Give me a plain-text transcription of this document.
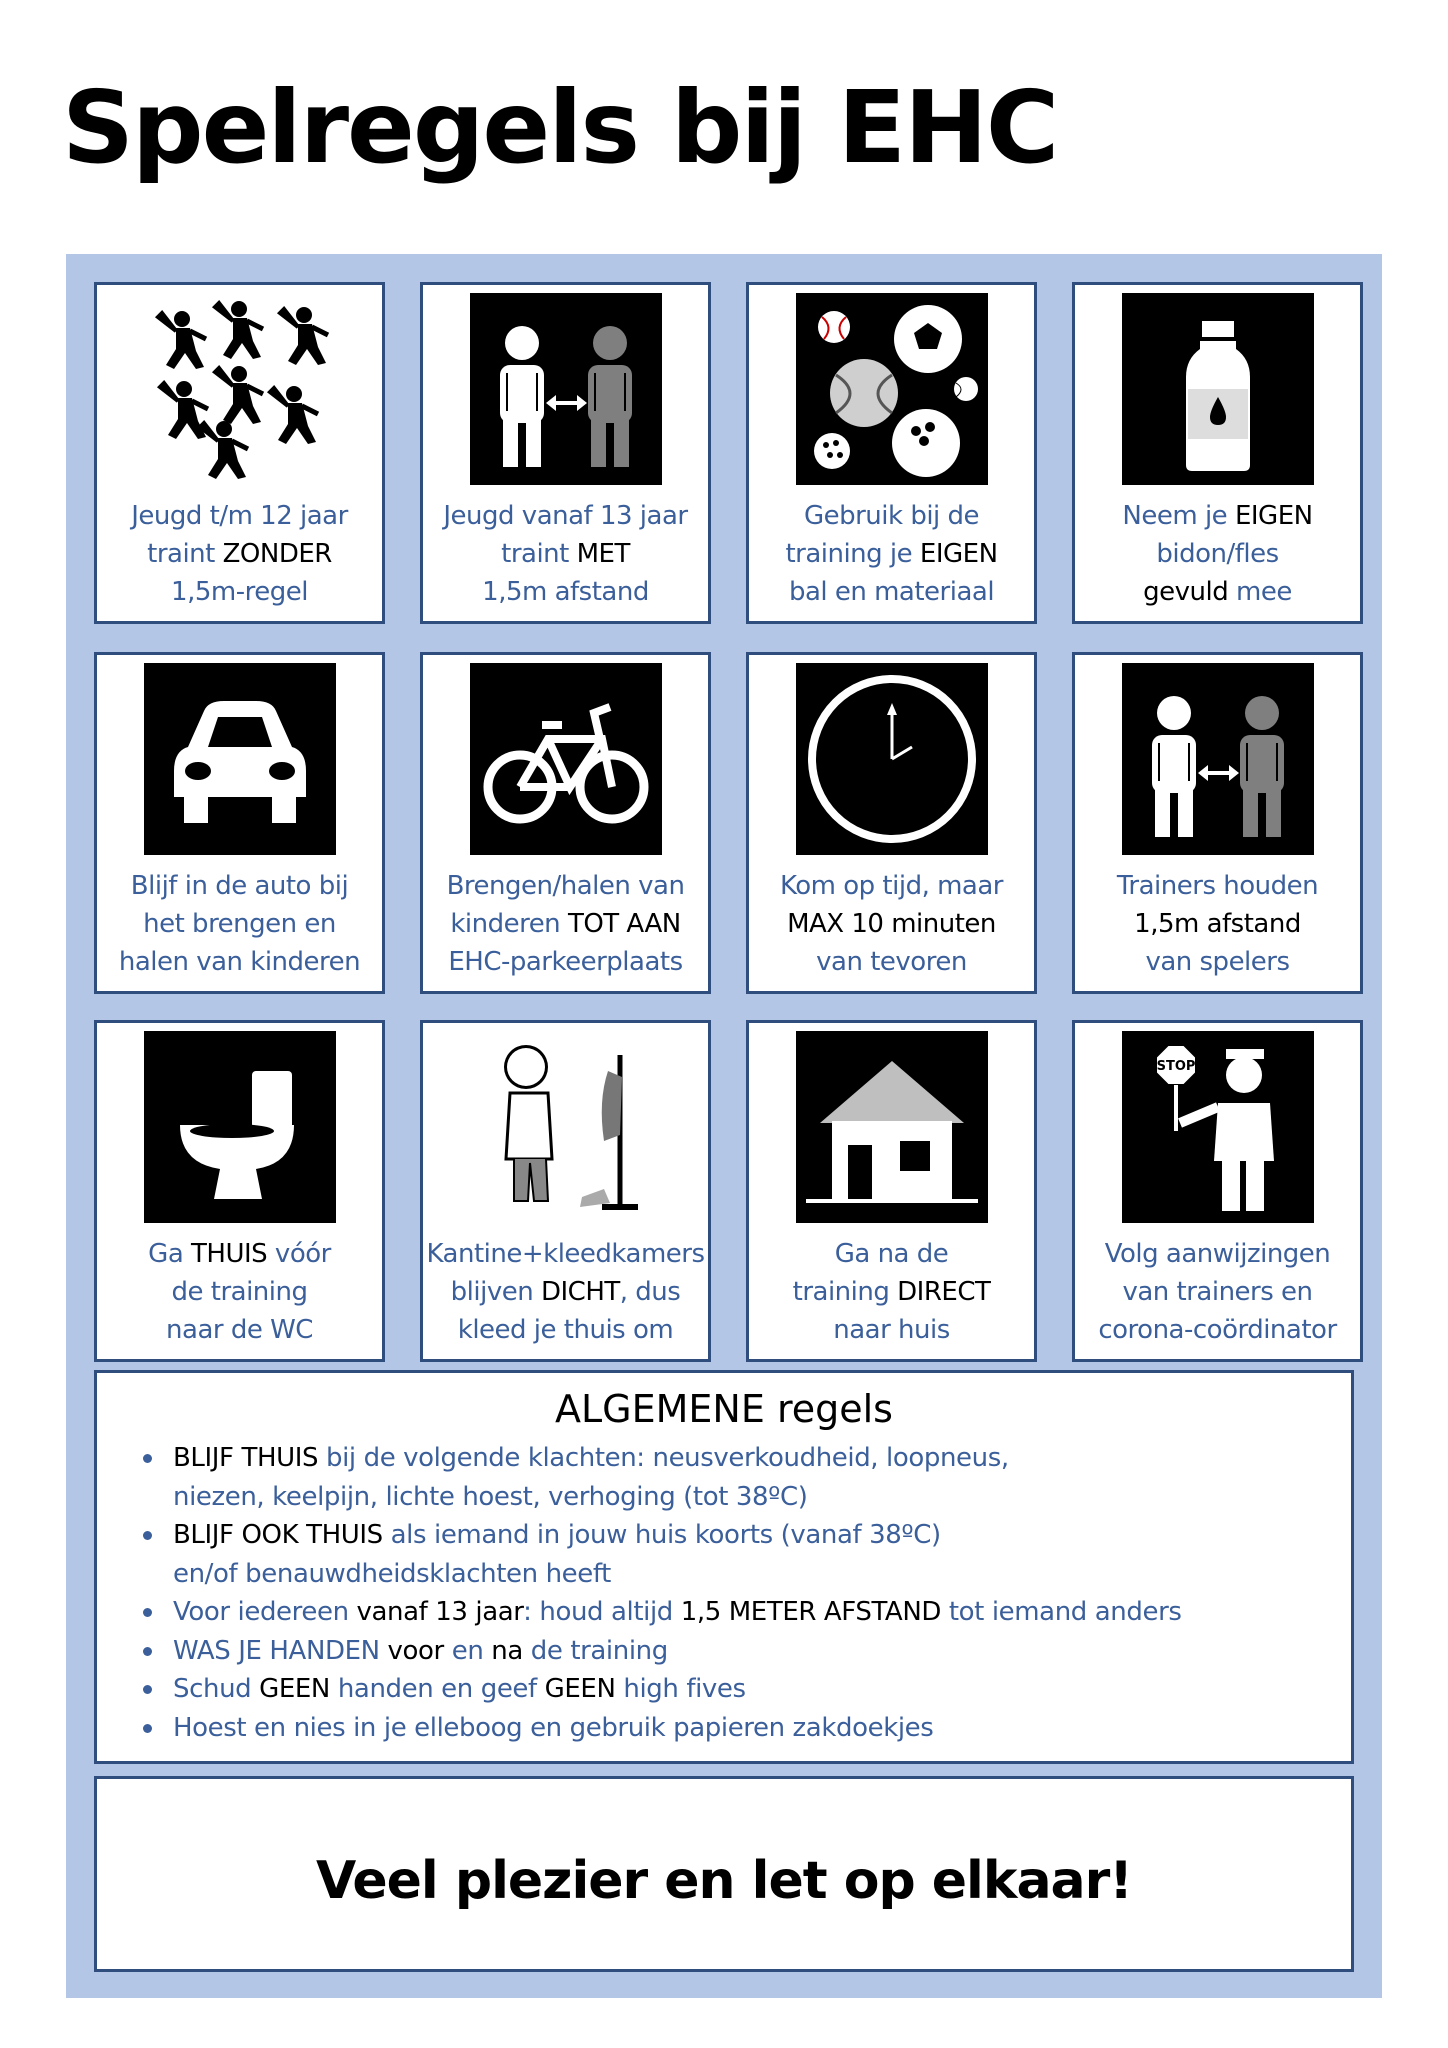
Spelregels bij EHC
Jeugd t/m 12 jaar
traint ZONDER
1,5m-regel
Jeugd vanaf 13 jaar
traint MET
1,5m afstand
Gebruik bij de
training je EIGEN
bal en materiaal
Neem je EIGEN
bidon/fles
gevuld mee
Blijf in de auto bij
het brengen en
halen van kinderen
Brengen/halen van
kinderen TOT AAN
EHC-parkeerplaats
Kom op tijd, maar
MAX 10 minuten
van tevoren
Trainers houden
1,5m afstand
van spelers
Ga THUIS vóór
de training
naar de WC
Kantine+kleedkamers
blijven DICHT, dus
kleed je thuis om
Ga na de
training DIRECT
naar huis
STOP
Volg aanwijzingen
van trainers en
corona-coördinator
ALGEMENE regels
BLIJF THUIS bij de volgende klachten: neusverkoudheid, loopneus,
niezen, keelpijn, lichte hoest, verhoging (tot 38ºC)
BLIJF OOK THUIS als iemand in jouw huis koorts (vanaf 38ºC)
en/of benauwdheidsklachten heeft
Voor iedereen vanaf 13 jaar: houd altijd 1,5 METER AFSTAND tot iemand anders
WAS JE HANDEN voor en na de training
Schud GEEN handen en geef GEEN high fives
Hoest en nies in je elleboog en gebruik papieren zakdoekjes
Veel plezier en let op elkaar!
